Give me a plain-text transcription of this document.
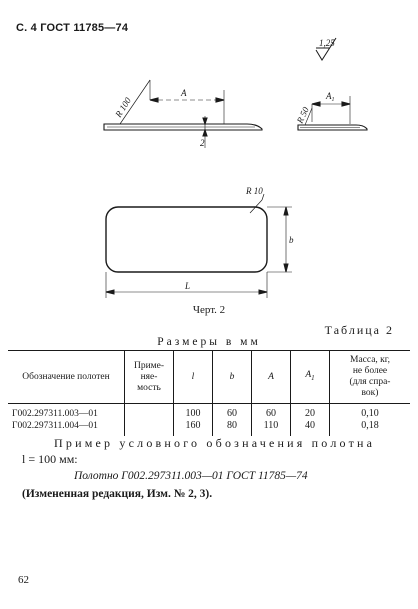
С. 4 ГОСТ 11785—74
1,25
R 100
A
2
R 50
$A_1$
R 10
b
L
Черт. 2
Таблица 2
Размеры в мм
Обозначение полотен	Приме-
няе-
мость	l	b	A	$A_1$	Масса, кг,
не более
(для спра-
вок)
Г002.297311.003—01		100	60	60	20	0,10
Г002.297311.004—01		160	80	110	40	0,18
Пример условного обозначения полотна
l = 100 мм:
Полотно Г002.297311.003—01 ГОСТ 11785—74
(Измененная редакция, Изм. № 2, 3).
62
